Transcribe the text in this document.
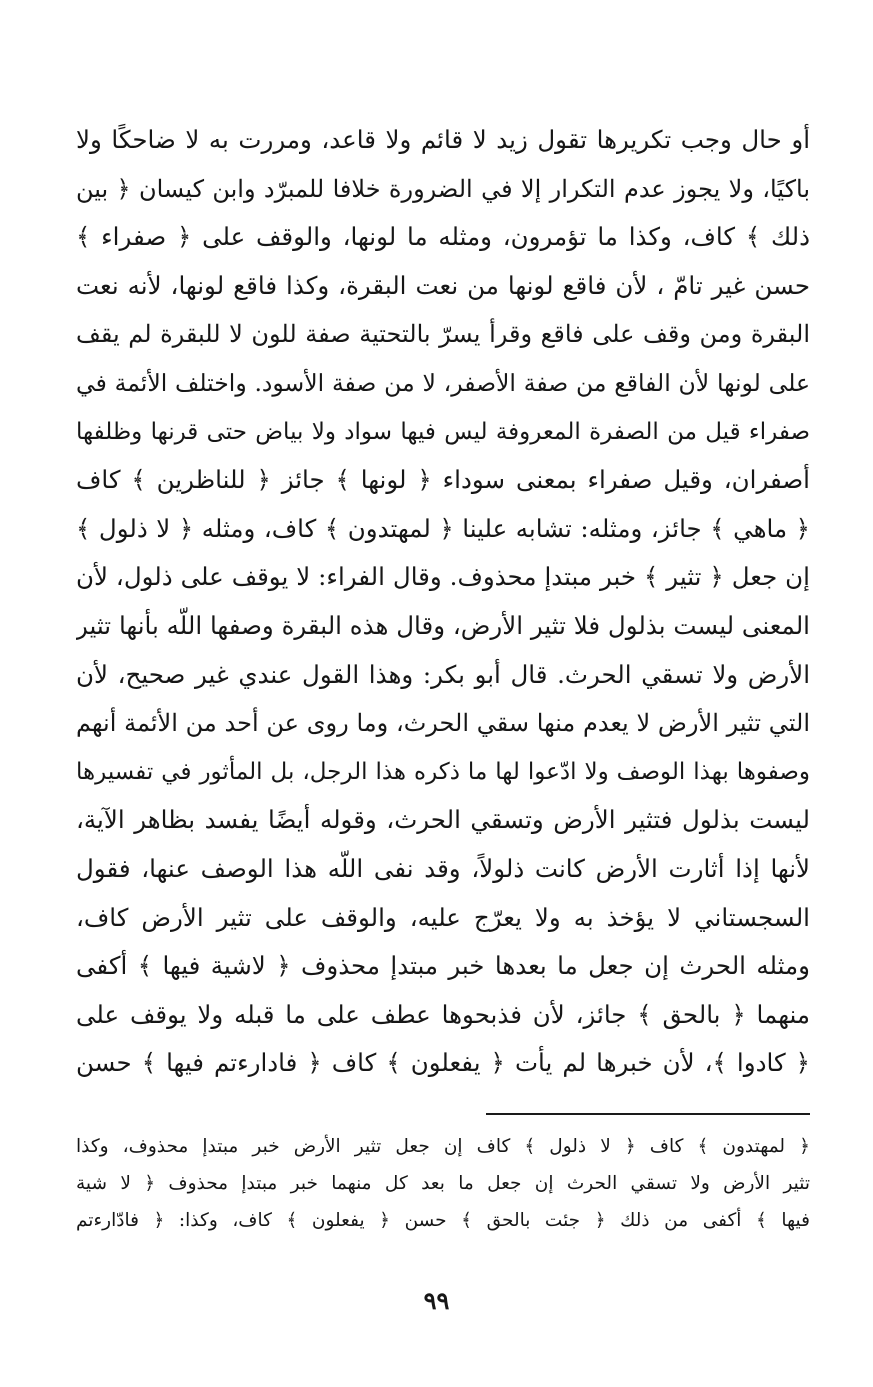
أو حال وجب تكريرها تقول زيد لا قائم ولا قاعد، ومررت به لا ضاحكًا ولا
باكيًا، ولا يجوز عدم التكرار إلا في الضرورة خلافا للمبرّد وابن كيسان ﴿ بين
ذلك ﴾ كاف، وكذا ما تؤمرون، ومثله ما لونها، والوقف على ﴿ صفراء ﴾
حسن غير تامّ ، لأن فاقع لونها من نعت البقرة، وكذا فاقع لونها، لأنه نعت
البقرة ومن وقف على فاقع وقرأ يسرّ بالتحتية صفة للون لا للبقرة لم يقف
على لونها لأن الفاقع من صفة الأصفر، لا من صفة الأسود. واختلف الأئمة في
صفراء قيل من الصفرة المعروفة ليس فيها سواد ولا بياض حتى قرنها وظلفها
أصفران، وقيل صفراء بمعنى سوداء ﴿ لونها ﴾ جائز ﴿ للناظرين ﴾ كاف
﴿ ماهي ﴾ جائز، ومثله: تشابه علينا ﴿ لمهتدون ﴾ كاف، ومثله ﴿ لا ذلول ﴾
إن جعل ﴿ تثير ﴾ خبر مبتدإ محذوف. وقال الفراء: لا يوقف على ذلول، لأن
المعنى ليست بذلول فلا تثير الأرض، وقال هذه البقرة وصفها اللّه بأنها تثير
الأرض ولا تسقي الحرث. قال أبو بكر: وهذا القول عندي غير صحيح، لأن
التي تثير الأرض لا يعدم منها سقي الحرث، وما روى عن أحد من الأئمة أنهم
وصفوها بهذا الوصف ولا ادّعوا لها ما ذكره هذا الرجل، بل المأثور في تفسيرها
ليست بذلول فتثير الأرض وتسقي الحرث، وقوله أيضًا يفسد بظاهر الآية،
لأنها إذا أثارت الأرض كانت ذلولاً، وقد نفى اللّه هذا الوصف عنها، فقول
السجستاني لا يؤخذ به ولا يعرّج عليه، والوقف على تثير الأرض كاف،
ومثله الحرث إن جعل ما بعدها خبر مبتدإ محذوف ﴿ لاشية فيها ﴾ أكفى
منهما ﴿ بالحق ﴾ جائز، لأن فذبحوها عطف على ما قبله ولا يوقف على
﴿ كادوا ﴾، لأن خبرها لم يأت ﴿ يفعلون ﴾ كاف ﴿ فادارءتم فيها ﴾ حسن
﴿ لمهتدون ﴾ كاف ﴿ لا ذلول ﴾ كاف إن جعل تثير الأرض خبر مبتدإ محذوف، وكذا
تثير الأرض ولا تسقي الحرث إن جعل ما بعد كل منهما خبر مبتدإ محذوف ﴿ لا شية
فيها ﴾ أكفى من ذلك ﴿ جئت بالحق ﴾ حسن ﴿ يفعلون ﴾ كاف، وكذا: ﴿ فادّارءتم
٩٩
